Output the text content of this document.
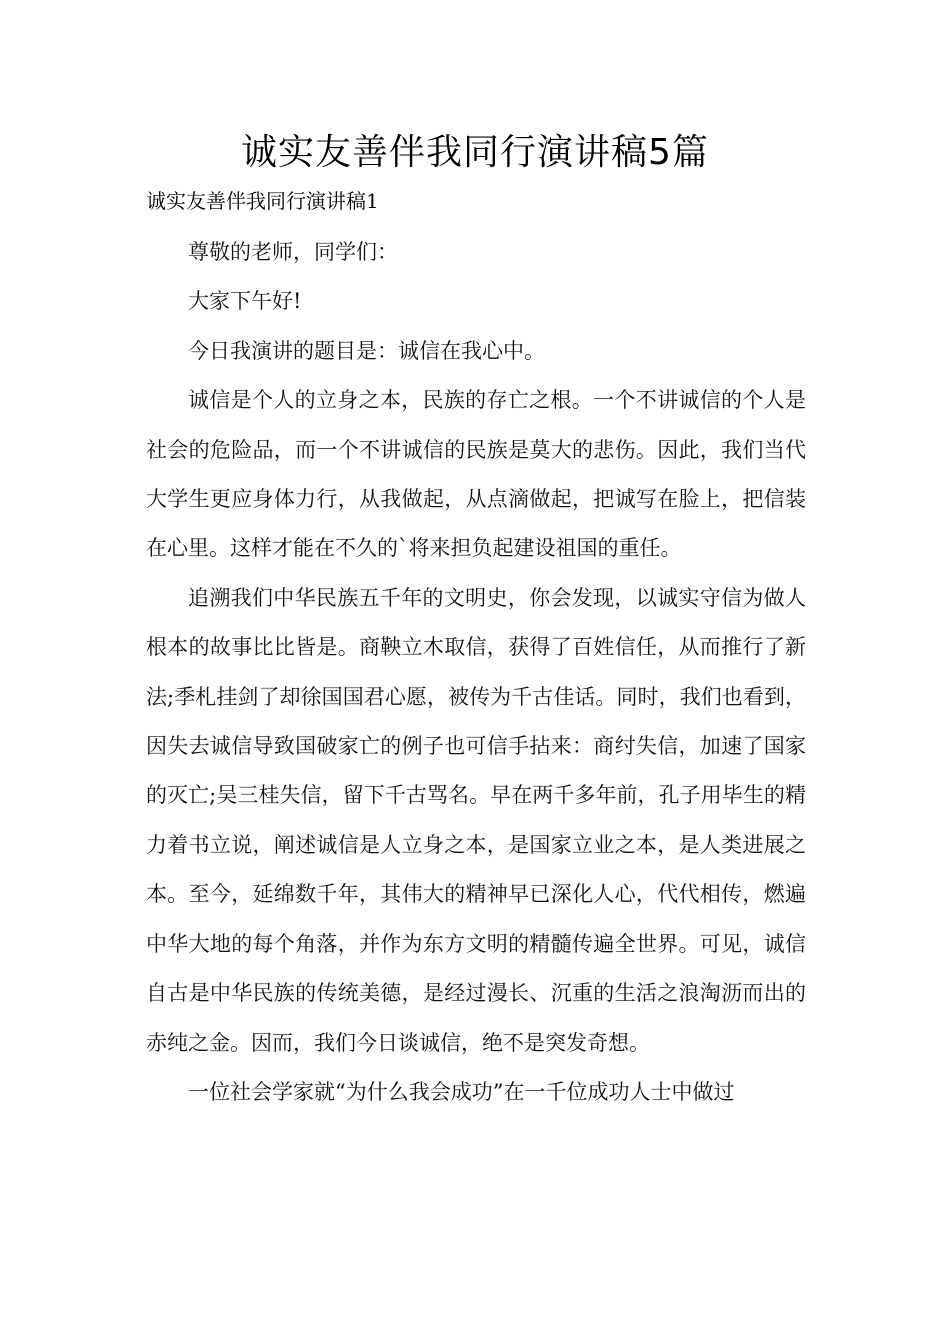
诚实友善伴我同行演讲稿5篇
诚实友善伴我同行演讲稿1

尊敬的老师，同学们：

大家下午好!

今日我演讲的题目是：诚信在我心中。

诚信是个人的立身之本，民族的存亡之根。一个不讲诚信的个人是社会的危险品，而一个不讲诚信的民族是莫大的悲伤。因此，我们当代大学生更应身体力行，从我做起，从点滴做起，把诚写在脸上，把信装在心里。这样才能在不久的`将来担负起建设祖国的重任。

追溯我们中华民族五千年的文明史，你会发现，以诚实守信为做人根本的故事比比皆是。商鞅立木取信，获得了百姓信任，从而推行了新法;季札挂剑了却徐国国君心愿，被传为千古佳话。同时，我们也看到，因失去诚信导致国破家亡的例子也可信手拈来：商纣失信，加速了国家的灭亡;吴三桂失信，留下千古骂名。早在两千多年前，孔子用毕生的精力着书立说，阐述诚信是人立身之本，是国家立业之本，是人类进展之本。至今，延绵数千年，其伟大的精神早已深化人心，代代相传，燃遍中华大地的每个角落，并作为东方文明的精髓传遍全世界。可见，诚信自古是中华民族的传统美德，是经过漫长、沉重的生活之浪淘沥而出的赤纯之金。因而，我们今日谈诚信，绝不是突发奇想。

一位社会学家就“为什么我会成功”在一千位成功人士中做过
